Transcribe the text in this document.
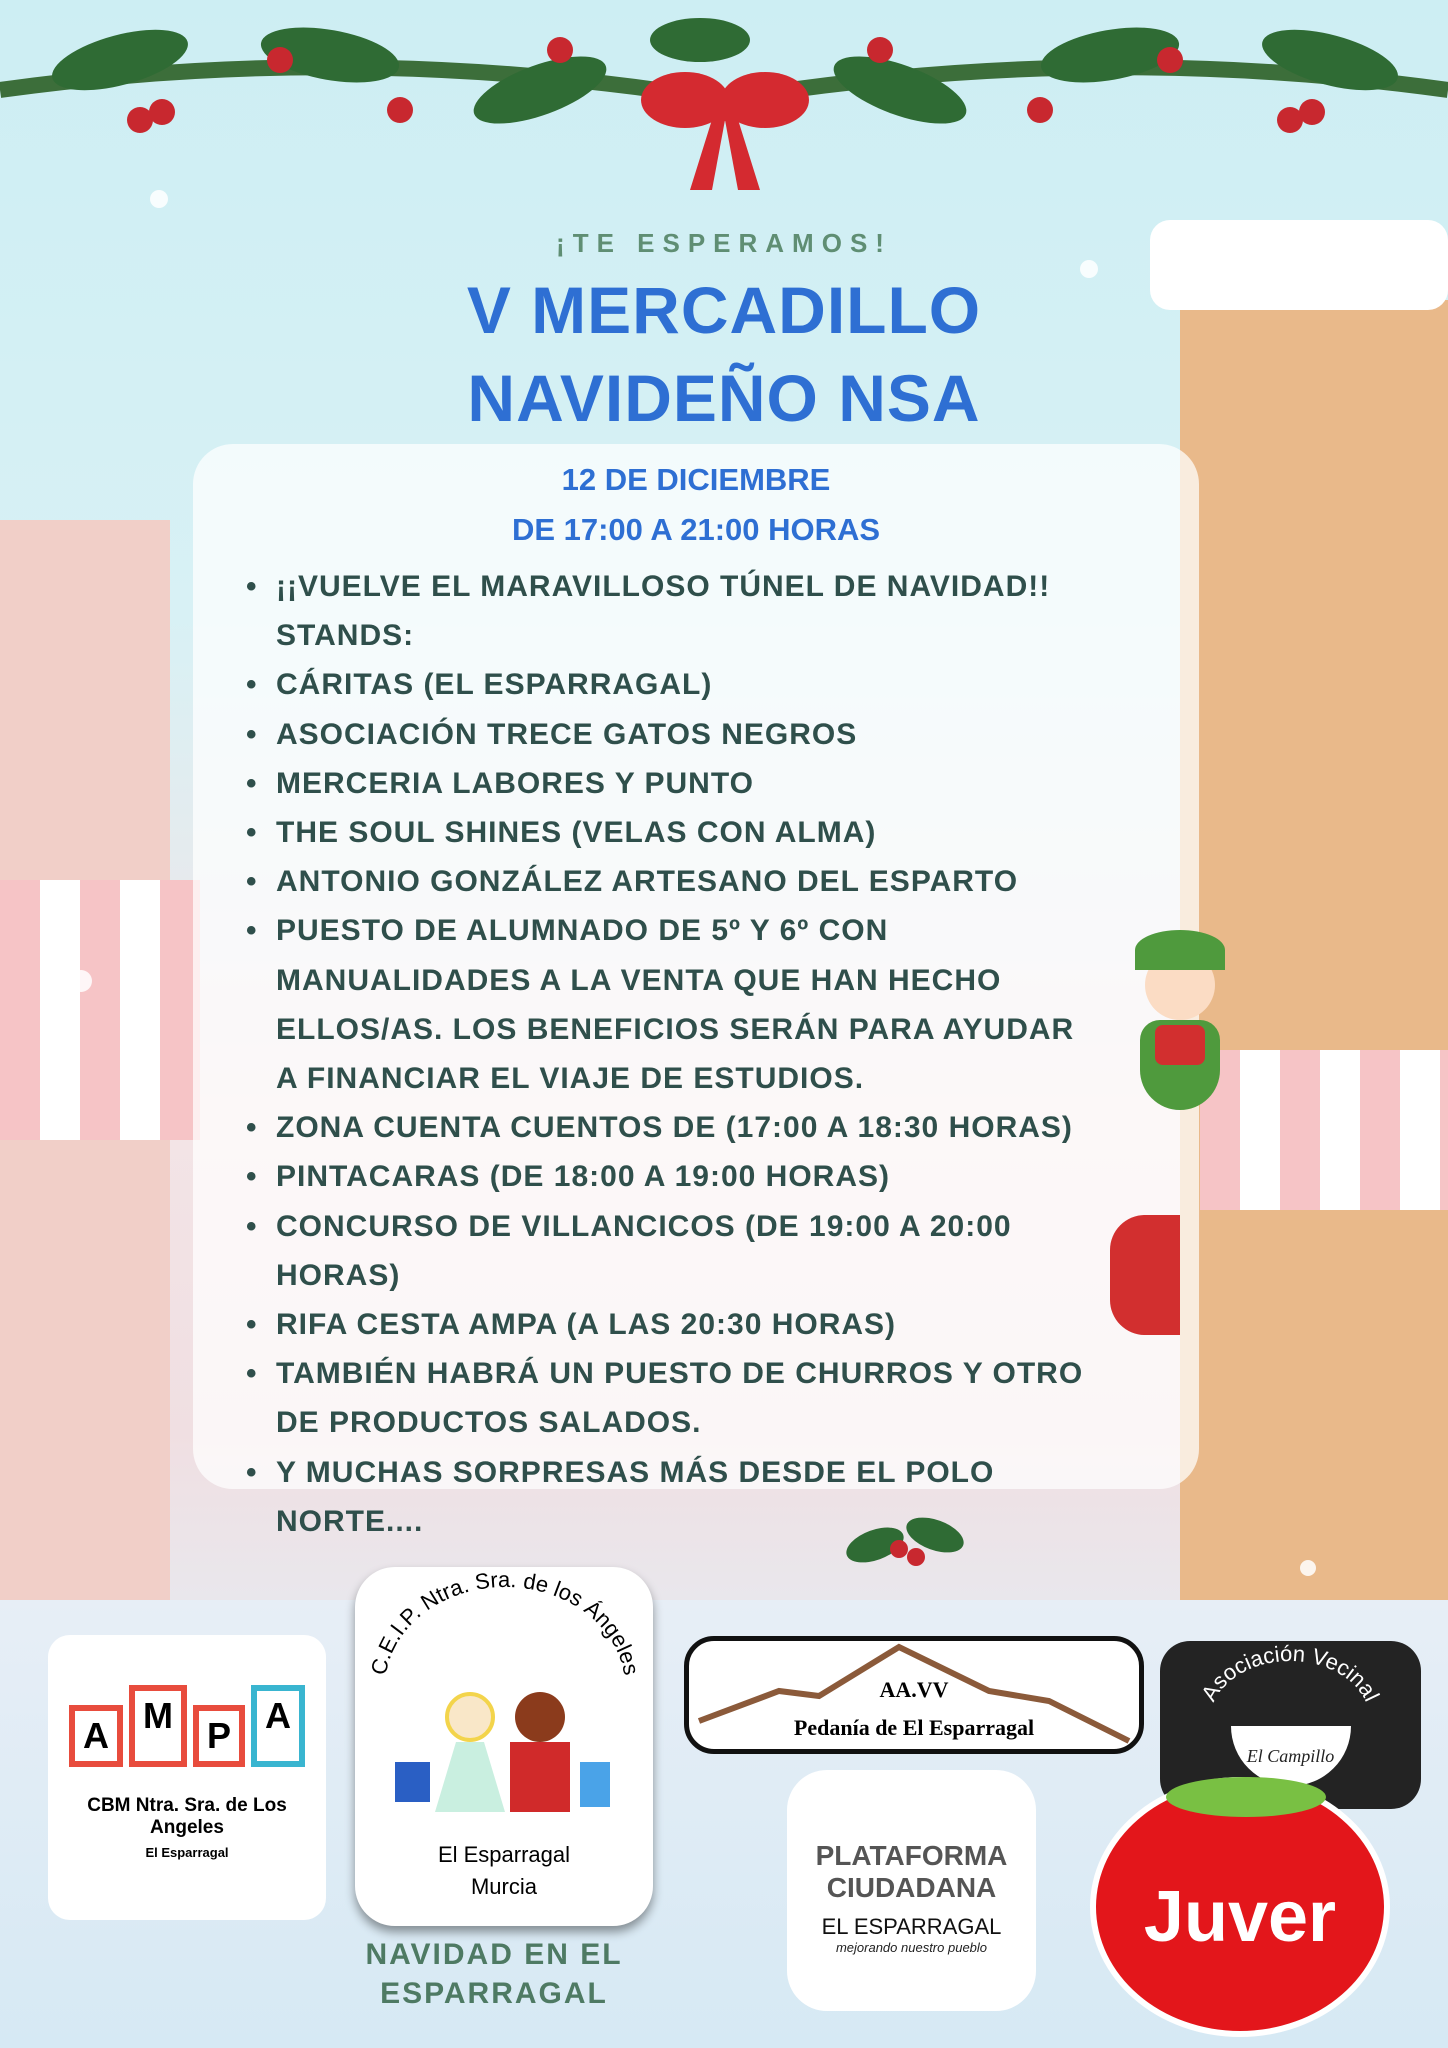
¡TE ESPERAMOS!
V MERCADILLO
NAVIDEÑO NSA
12 DE DICIEMBRE
DE 17:00 A 21:00 HORAS
• ¡¡VUELVE EL MARAVILLOSO TÚNEL DE NAVIDAD!!
STANDS:
• CÁRITAS (EL ESPARRAGAL)
• ASOCIACIÓN TRECE GATOS NEGROS
• MERCERIA LABORES Y PUNTO
• THE SOUL SHINES (VELAS CON ALMA)
• ANTONIO GONZÁLEZ ARTESANO DEL ESPARTO
• PUESTO DE ALUMNADO DE 5º Y 6º CON MANUALIDADES A LA VENTA QUE HAN HECHO ELLOS/AS. LOS BENEFICIOS SERÁN PARA AYUDAR A FINANCIAR EL VIAJE DE ESTUDIOS.
• ZONA CUENTA CUENTOS DE (17:00 A 18:30 HORAS)
• PINTACARAS (DE 18:00 A 19:00 HORAS)
• CONCURSO DE VILLANCICOS (DE 19:00 A 20:00 HORAS)
• RIFA CESTA AMPA (A LAS 20:30 HORAS)
• TAMBIÉN HABRÁ UN PUESTO DE CHURROS Y OTRO DE PRODUCTOS SALADOS.
• Y MUCHAS SORPRESAS MÁS DESDE EL POLO NORTE....
A M P A
CBM Ntra. Sra. de Los Angeles
El Esparragal
C.E.I.P. Ntra. Sra. de los Ángeles
El Esparragal
Murcia
NAVIDAD EN EL
ESPARRAGAL
AA.VV
Pedanía de El Esparragal
Asociación Vecinal
El Campillo
PLATAFORMA
CIUDADANA
EL ESPARRAGAL
mejorando nuestro pueblo	Juver
